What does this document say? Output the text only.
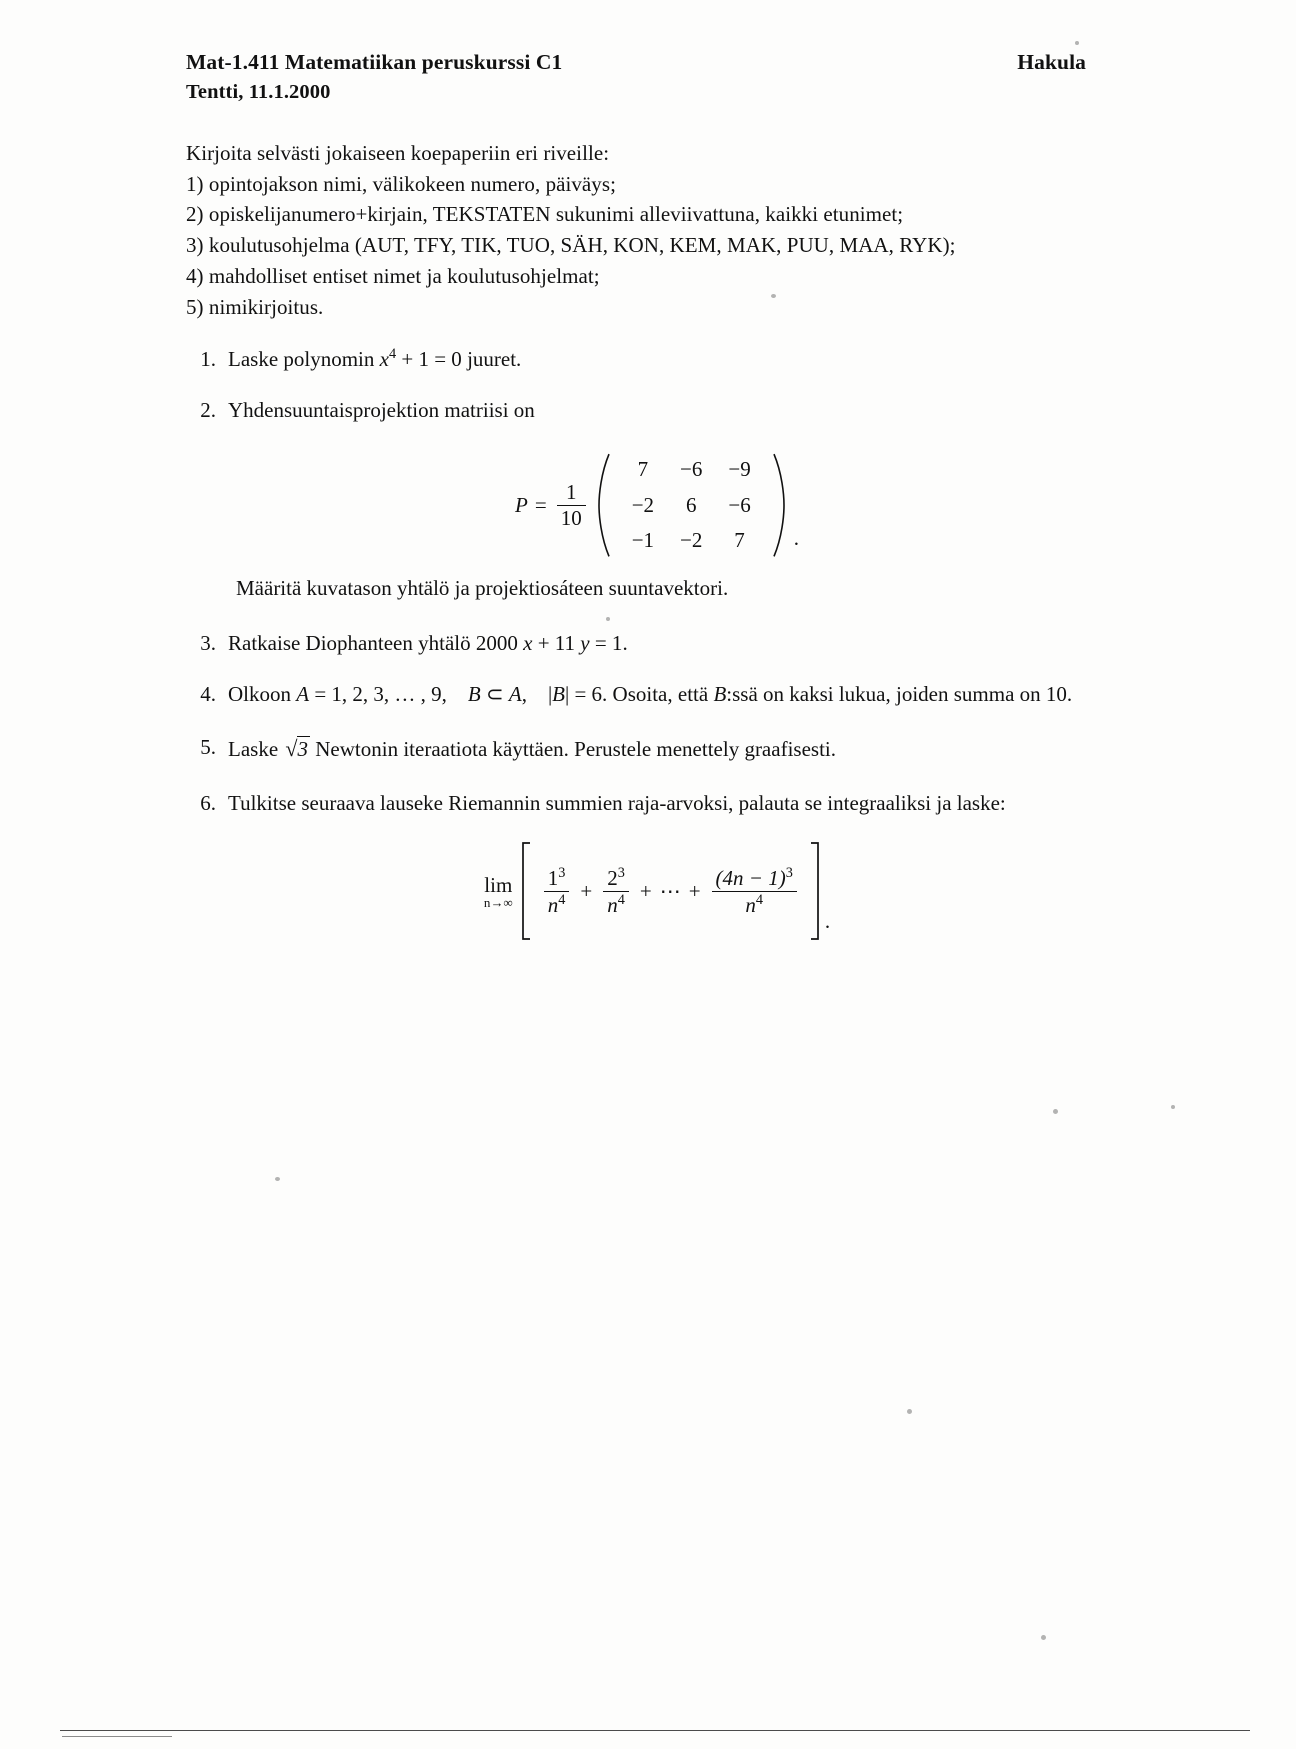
Mat-1.411 Matematiikan peruskurssi C1
Tentti, 11.1.2000
Hakula
Kirjoita selvästi jokaiseen koepaperiin eri riveille:
1) opintojakson nimi, välikokeen numero, päiväys;
2) opiskelijanumero+kirjain, TEKSTATEN sukunimi alleviivattuna, kaikki etunimet;
3) koulutusohjelma (AUT, TFY, TIK, TUO, SÄH, KON, KEM, MAK, PUU, MAA, RYK);
4) mahdolliset entiset nimet ja koulutusohjelmat;
5) nimikirjoitus.
1. Laske polynomin $x^4 + 1 = 0$ juuret.
2. Yhdensuuntaisprojektion matriisi on
$P = \frac{1}{10}$
7	−6	−9
−2	6	−6
−1	−2	7 .
Määritä kuvatason yhtälö ja projektiosáteen suuntavektori.
3. Ratkaise Diophanteen yhtälö 2000 x + 11 y = 1.
4. Olkoon A = 1, 2, 3, … , 9, B ⊂ A, |B| = 6. Osoita, että B:ssä on kaksi lukua, joiden summa on 10.
5. Laske √3 Newtonin iteraatiota käyttäen. Perustele menettely graafisesti.
6. Tulkitse seuraava lauseke Riemannin summien raja-arvoksi, palauta se integraaliksi ja laske:
lim
$n\to\infty \frac{1^3}{n^4} + \frac{2^3}{n^4}$ + ⋯ + $\frac{(4n - 1)^3}{n^4}$
.
